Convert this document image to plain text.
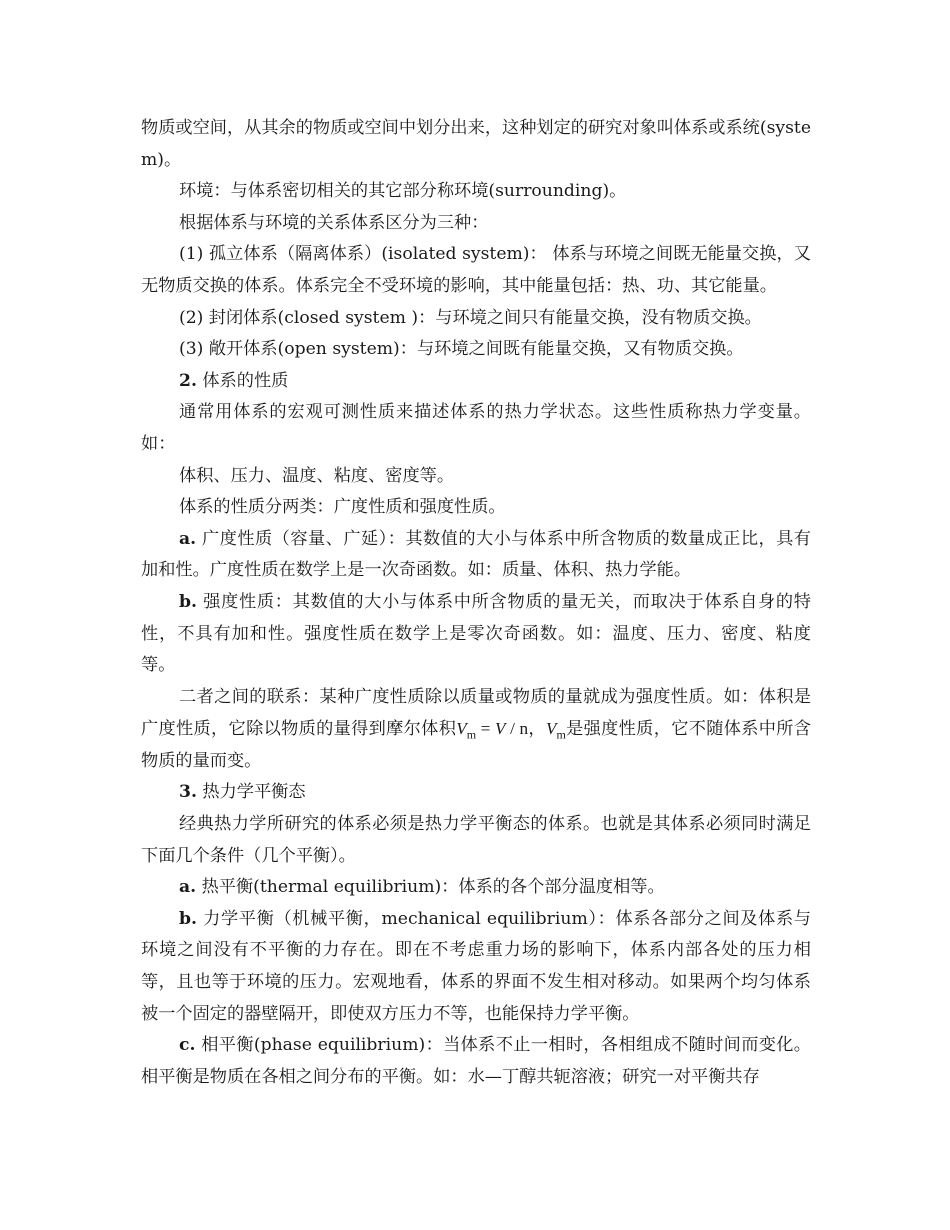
物质或空间，从其余的物质或空间中划分出来，这种划定的研究对象叫体系或系统(system)。

环境：与体系密切相关的其它部分称环境(surrounding)。

根据体系与环境的关系体系区分为三种：

(1) 孤立体系（隔离体系）(isolated system)： 体系与环境之间既无能量交换，又无物质交换的体系。体系完全不受环境的影响，其中能量包括：热、功、其它能量。

(2) 封闭体系(closed system )：与环境之间只有能量交换，没有物质交换。

(3) 敞开体系(open system)：与环境之间既有能量交换，又有物质交换。

2. 体系的性质

通常用体系的宏观可测性质来描述体系的热力学状态。这些性质称热力学变量。如：

体积、压力、温度、粘度、密度等。

体系的性质分两类：广度性质和强度性质。

a. 广度性质（容量、广延）：其数值的大小与体系中所含物质的数量成正比，具有加和性。广度性质在数学上是一次奇函数。如：质量、体积、热力学能。

b. 强度性质：其数值的大小与体系中所含物质的量无关，而取决于体系自身的特性，不具有加和性。强度性质在数学上是零次奇函数。如：温度、压力、密度、粘度等。

二者之间的联系：某种广度性质除以质量或物质的量就成为强度性质。如：体积是广度性质，它除以物质的量得到摩尔体积$V_m = V / n$，$V_m$是强度性质，它不随体系中所含物质的量而变。

3. 热力学平衡态

经典热力学所研究的体系必须是热力学平衡态的体系。也就是其体系必须同时满足下面几个条件（几个平衡）。

a. 热平衡(thermal equilibrium)：体系的各个部分温度相等。

b. 力学平衡（机械平衡，mechanical equilibrium）：体系各部分之间及体系与环境之间没有不平衡的力存在。即在不考虑重力场的影响下，体系内部各处的压力相等，且也等于环境的压力。宏观地看，体系的界面不发生相对移动。如果两个均匀体系被一个固定的器壁隔开，即使双方压力不等，也能保持力学平衡。

c. 相平衡(phase equilibrium)：当体系不止一相时，各相组成不随时间而变化。相平衡是物质在各相之间分布的平衡。如：水—丁醇共轭溶液；研究一对平衡共存
